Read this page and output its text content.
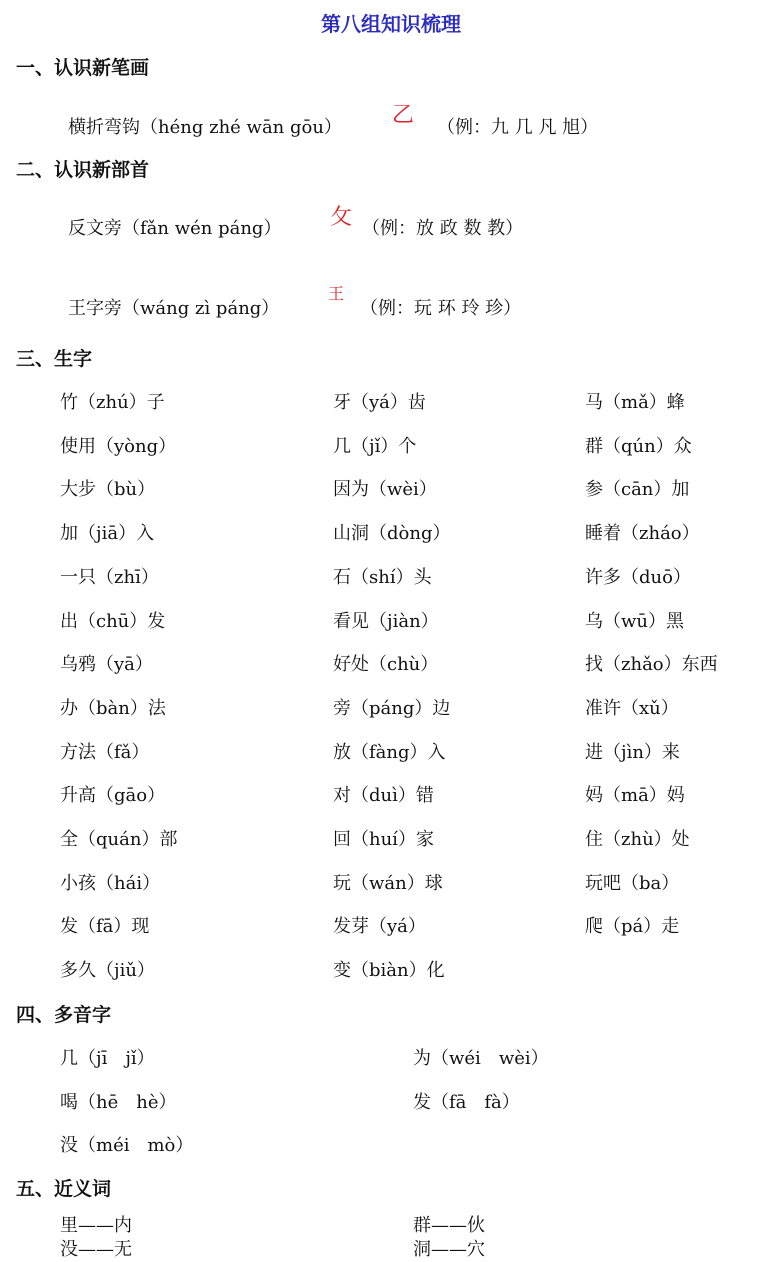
第八组知识梳理
一、认识新笔画
横折弯钩（héng zhé wān gōu） 乙 （例：九 几 凡 旭）
二、认识新部首
反文旁（fǎn wén páng） 攵 （例：放 政 数 教）
王字旁（wáng zì páng）
王
（例：玩 环 玲 珍）
三、生字
竹（zhú）子	牙（yá）齿	马（mǎ）蜂
使用（yòng）	几（jǐ）个	群（qún）众
大步（bù）	因为（wèi）	参（cān）加
加（jiā）入	山洞（dòng）	睡着（zháo）
一只（zhī）	石（shí）头	许多（duō）
出（chū）发	看见（jiàn）	乌（wū）黑
乌鸦（yā）	好处（chù）	找（zhǎo）东西
办（bàn）法	旁（páng）边	准许（xǔ）
方法（fǎ）	放（fàng）入	进（jìn）来
升高（gāo）	对（duì）错	妈（mā）妈
全（quán）部	回（huí）家	住（zhù）处
小孩（hái）	玩（wán）球	玩吧（ba）
发（fā）现	发芽（yá）	爬（pá）走
多久（jiǔ）	变（biàn）化
四、多音字
几（jī　jǐ）	为（wéi　wèi）
喝（hē　hè）	发（fā　fà）
没（méi　mò）
五、近义词
里——内	群——伙
没——无	洞——穴
